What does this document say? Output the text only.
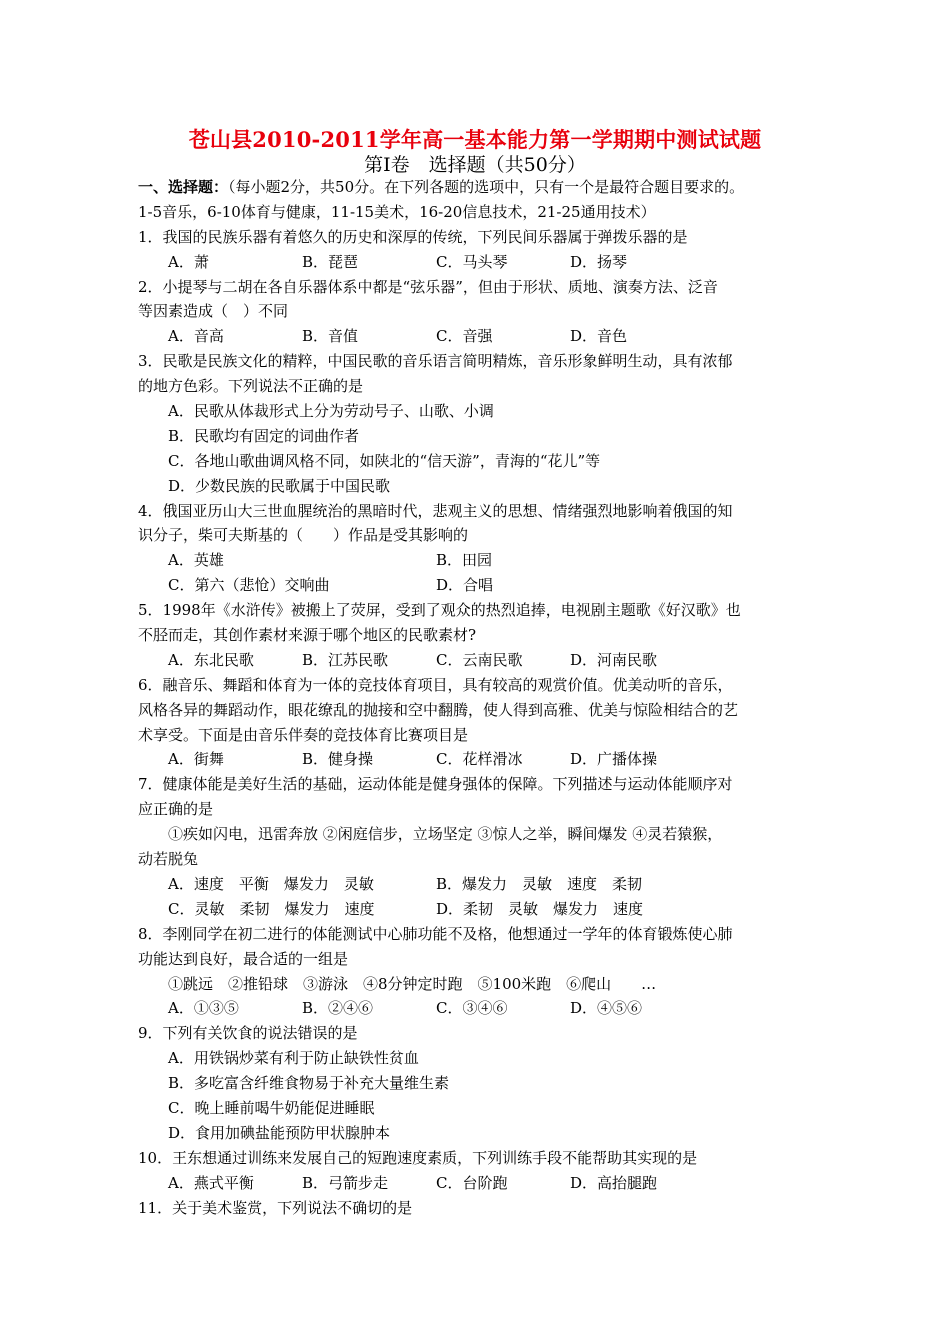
苍山县2010-2011学年高一基本能力第一学期期中测试试题
第Ⅰ卷　选择题（共50分）
一、选择题：（每小题2分，共50分。在下列各题的选项中，只有一个是最符合题目要求的。
1-5音乐，6-10体育与健康，11-15美术，16-20信息技术，21-25通用技术）
1．我国的民族乐器有着悠久的历史和深厚的传统，下列民间乐器属于弹拨乐器的是
A．萧	B．琵琶	C．马头琴	D．扬琴
2．小提琴与二胡在各自乐器体系中都是“弦乐器”，但由于形状、质地、演奏方法、泛音
等因素造成（　）不同
A．音高	B．音值	C．音强	D．音色
3．民歌是民族文化的精粹，中国民歌的音乐语言简明精炼，音乐形象鲜明生动，具有浓郁
的地方色彩。下列说法不正确的是
A．民歌从体裁形式上分为劳动号子、山歌、小调
B．民歌均有固定的词曲作者
C．各地山歌曲调风格不同，如陕北的“信天游”，青海的“花儿”等
D．少数民族的民歌属于中国民歌
4．俄国亚历山大三世血腥统治的黑暗时代，悲观主义的思想、情绪强烈地影响着俄国的知
识分子，柴可夫斯基的（　　）作品是受其影响的
A．英雄	B．田园
C．第六（悲怆）交响曲	D．合唱
5．1998年《水浒传》被搬上了荧屏，受到了观众的热烈追捧，电视剧主题歌《好汉歌》也
不胫而走，其创作素材来源于哪个地区的民歌素材?
A．东北民歌	B．江苏民歌	C．云南民歌	D．河南民歌
6．融音乐、舞蹈和体育为一体的竞技体育项目，具有较高的观赏价值。优美动听的音乐，
风格各异的舞蹈动作，眼花缭乱的抛接和空中翻腾，使人得到高雅、优美与惊险相结合的艺
术享受。下面是由音乐伴奏的竞技体育比赛项目是
A．街舞	B．健身操	C．花样滑冰	D．广播体操
7．健康体能是美好生活的基础，运动体能是健身强体的保障。下列描述与运动体能顺序对
应正确的是
①疾如闪电，迅雷奔放 ②闲庭信步，立场坚定 ③惊人之举，瞬间爆发 ④灵若猿猴，
动若脱兔
A．速度　平衡　爆发力　灵敏	B．爆发力　灵敏　速度　柔韧
C．灵敏　柔韧　爆发力　速度	D．柔韧　灵敏　爆发力　速度
8．李刚同学在初二进行的体能测试中心肺功能不及格，他想通过一学年的体育锻炼使心肺
功能达到良好，最合适的一组是
①跳远　②推铅球　③游泳　④8分钟定时跑　⑤100米跑　⑥爬山　　…
A．①③⑤	B．②④⑥	C．③④⑥	D．④⑤⑥
9．下列有关饮食的说法错误的是
A．用铁锅炒菜有利于防止缺铁性贫血
B．多吃富含纤维食物易于补充大量维生素
C．晚上睡前喝牛奶能促进睡眠
D．食用加碘盐能预防甲状腺肿本
10．王东想通过训练来发展自己的短跑速度素质，下列训练手段不能帮助其实现的是
A．燕式平衡	B．弓箭步走	C．台阶跑	D．高抬腿跑
11．关于美术鉴赏，下列说法不确切的是
